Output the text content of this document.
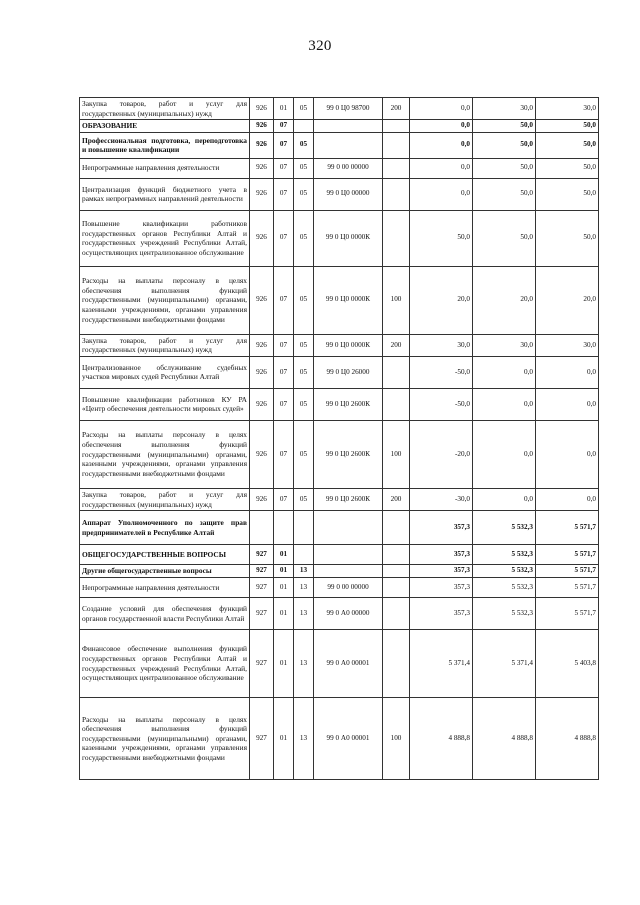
320
Закупка товаров, работ и услуг для государственных (муниципальных) нужд	926	01	05	99 0 Ц0 98700	200	0,0	30,0	30,0
ОБРАЗОВАНИЕ	926	07				0,0	50,0	50,0
Профессиональная подготовка, переподготовка и повышение квалификации	926	07	05			0,0	50,0	50,0
Непрограммные направления деятельности	926	07	05	99 0 00 00000		0,0	50,0	50,0
Централизация функций бюджетного учета в рамках непрограммных направлений деятельности	926	07	05	99 0 Ц0 00000		0,0	50,0	50,0
Повышение квалификации работников государственных органов Республики Алтай и государственных учреждений Республики Алтай, осуществляющих централизованное обслуживание	926	07	05	99 0 Ц0 0000К		50,0	50,0	50,0
Расходы на выплаты персоналу в целях обеспечения выполнения функций государственными (муниципальными) органами, казенными учреждениями, органами управления государственными внебюджетными фондами	926	07	05	99 0 Ц0 0000К	100	20,0	20,0	20,0
Закупка товаров, работ и услуг для государственных (муниципальных) нужд	926	07	05	99 0 Ц0 0000К	200	30,0	30,0	30,0
Централизованное обслуживание судебных участков мировых судей Республики Алтай	926	07	05	99 0 Ц0 26000		-50,0	0,0	0,0
Повышение квалификации работников КУ РА «Центр обеспечения деятельности мировых судей»	926	07	05	99 0 Ц0 2600К		-50,0	0,0	0,0
Расходы на выплаты персоналу в целях обеспечения выполнения функций государственными (муниципальными) органами, казенными учреждениями, органами управления государственными внебюджетными фондами	926	07	05	99 0 Ц0 2600К	100	-20,0	0,0	0,0
Закупка товаров, работ и услуг для государственных (муниципальных) нужд	926	07	05	99 0 Ц0 2600К	200	-30,0	0,0	0,0
Аппарат Уполномоченного по защите прав предпринимателей в Республике Алтай						357,3	5 532,3	5 571,7
ОБЩЕГОСУДАРСТВЕННЫЕ ВОПРОСЫ	927	01				357,3	5 532,3	5 571,7
Другие общегосударственные вопросы	927	01	13			357,3	5 532,3	5 571,7
Непрограммные направления деятельности	927	01	13	99 0 00 00000		357,3	5 532,3	5 571,7
Создание условий для обеспечения функций органов государственной власти Республики Алтай	927	01	13	99 0 А0 00000		357,3	5 532,3	5 571,7
Финансовое обеспечение выполнения функций государственных органов Республики Алтай и государственных учреждений Республики Алтай, осуществляющих централизованное обслуживание	927	01	13	99 0 А0 00001		5 371,4	5 371,4	5 403,8
Расходы на выплаты персоналу в целях обеспечения выполнения функций государственными (муниципальными) органами, казенными учреждениями, органами управления государственными внебюджетными фондами	927	01	13	99 0 А0 00001	100	4 888,8	4 888,8	4 888,8
